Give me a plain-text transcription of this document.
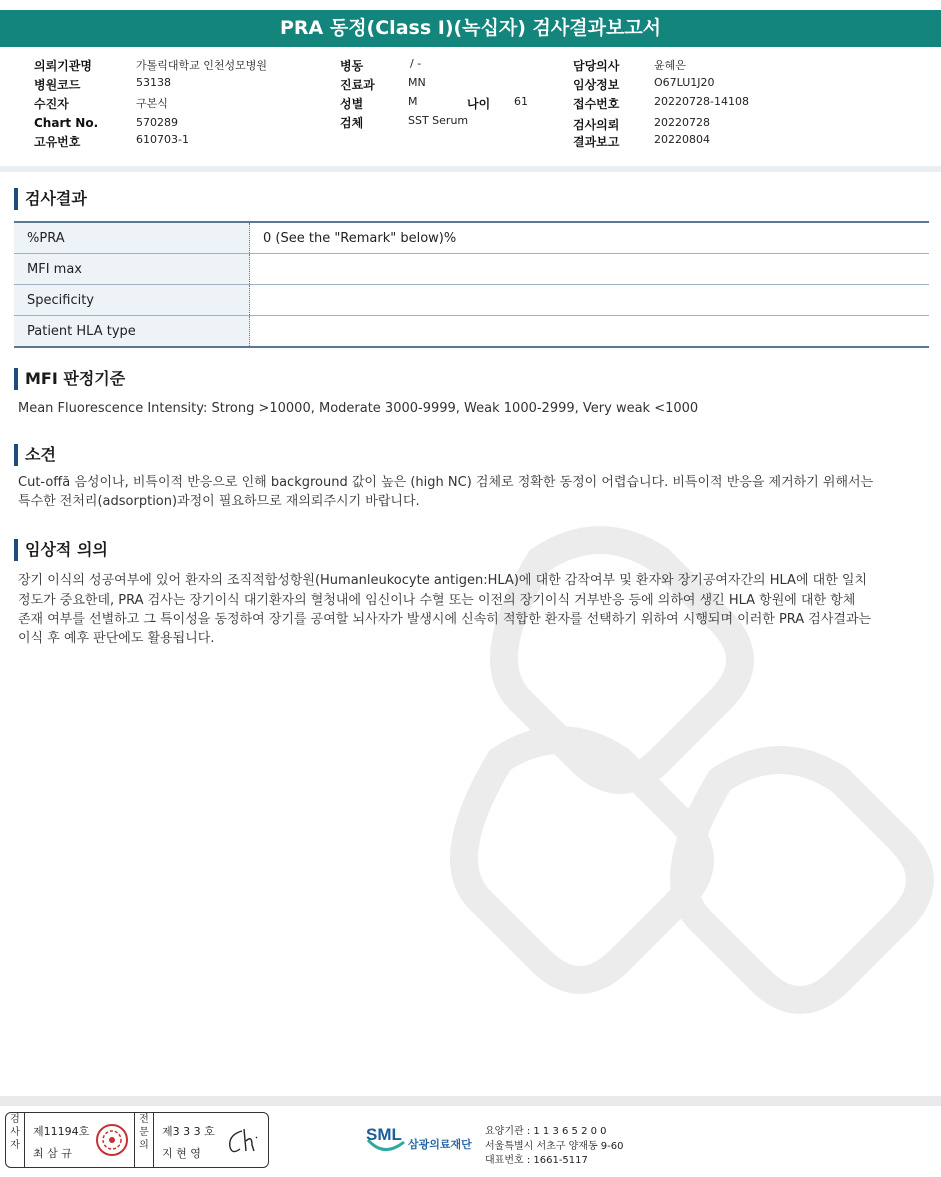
PRA 동정(Class I)(녹십자) 검사결과보고서
의뢰기관명	가톨릭대학교 인천성모병원
병원코드	53138
수진자	구본식
Chart No.	570289
고유번호	610703-1
병동	/ -
진료과	MN
성별	M
검체	SST Serum
나이 61
담당의사	윤혜은
임상정보	O67LU1J20
접수번호	20220728-14108
검사의뢰	20220728
결과보고	20220804
검사결과
%PRA	0 (See the "Remark" below)%
MFI max	
Specificity	
Patient HLA type	
MFI 판정기준
Mean Fluorescence Intensity: Strong >10000, Moderate 3000-9999, Weak 1000-2999, Very weak <1000
소견
Cut-offă 음성이나, 비특이적 반응으로 인해 background 값이 높은 (high NC) 검체로 정확한 동정이 어렵습니다. 비특이적 반응을 제거하기 위해서는
특수한 전처리(adsorption)과정이 필요하므로 재의뢰주시기 바랍니다.
임상적 의의
장기 이식의 성공여부에 있어 환자의 조직적합성항원(Humanleukocyte antigen:HLA)에 대한 감작여부 및 환자와 장기공여자간의 HLA에 대한 일치
정도가 중요한데, PRA 검사는 장기이식 대기환자의 혈청내에 임신이나 수혈 또는 이전의 장기이식 거부반응 등에 의하여 생긴 HLA 항원에 대한 항체
존재 여부를 선별하고 그 특이성을 동정하여 장기를 공여할 뇌사자가 발생시에 신속히 적합한 환자를 선택하기 위하여 시행되며 이러한 PRA 검사결과는
이식 후 예후 판단에도 활용됩니다.
검사자
제11194호
최 삼 규
전문의
제3 3 3 호
지 현 영
SML
삼광의료재단
요양기관 : 1 1 3 6 5 2 0 0
서울특별시 서초구 양재동 9-60
대표번호 : 1661-5117
